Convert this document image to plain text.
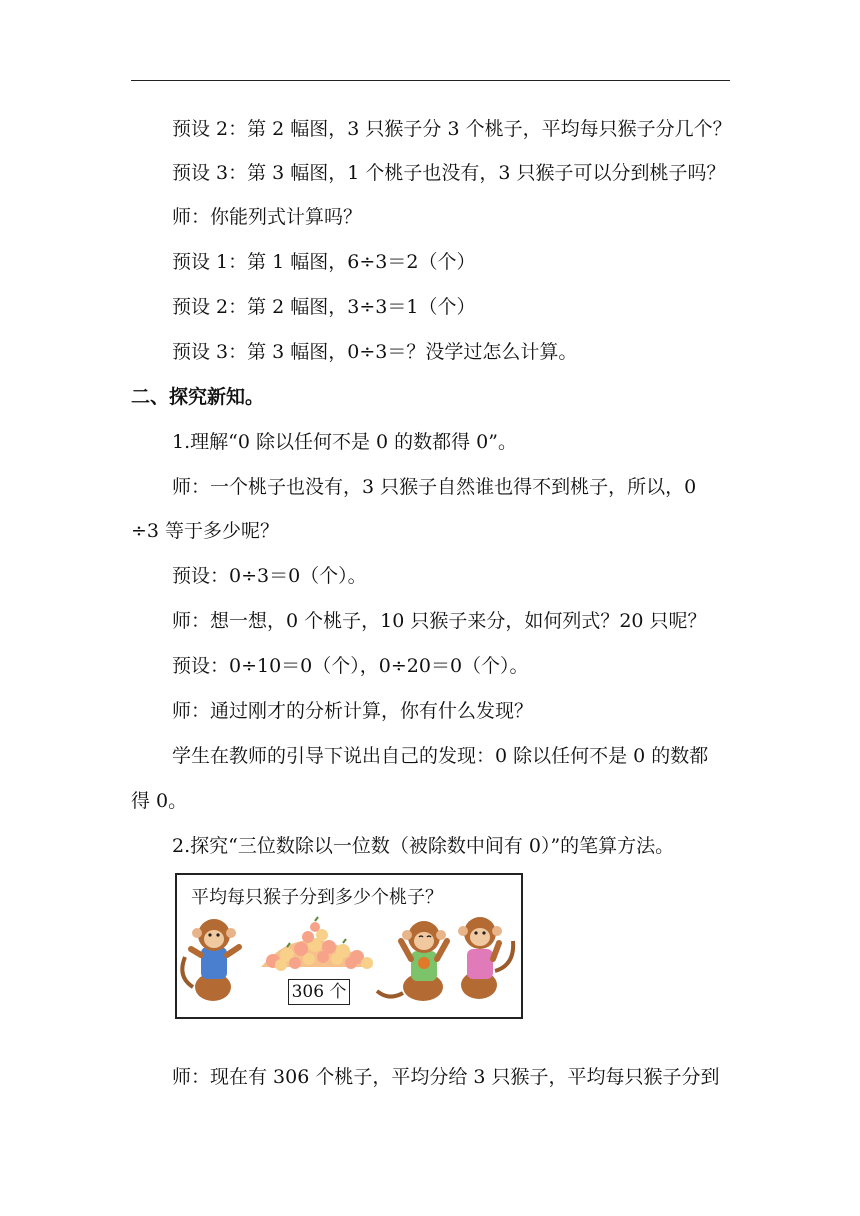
预设 2：第 2 幅图，3 只猴子分 3 个桃子，平均每只猴子分几个？
预设 3：第 3 幅图，1 个桃子也没有，3 只猴子可以分到桃子吗？
师：你能列式计算吗？
预设 1：第 1 幅图，6÷3＝2（个）
预设 2：第 2 幅图，3÷3＝1（个）
预设 3：第 3 幅图，0÷3＝？没学过怎么计算。
二、探究新知。
1.理解“0 除以任何不是 0 的数都得 0”。
师：一个桃子也没有，3 只猴子自然谁也得不到桃子，所以，0
÷3 等于多少呢？
预设：0÷3＝0（个）。
师：想一想，0 个桃子，10 只猴子来分，如何列式？20 只呢？
预设：0÷10＝0（个），0÷20＝0（个）。
师：通过刚才的分析计算，你有什么发现？
学生在教师的引导下说出自己的发现：0 除以任何不是 0 的数都
得 0。
2.探究“三位数除以一位数（被除数中间有 0）”的笔算方法。
平均每只猴子分到多少个桃子？
306 个
师：现在有 306 个桃子，平均分给 3 只猴子，平均每只猴子分到
